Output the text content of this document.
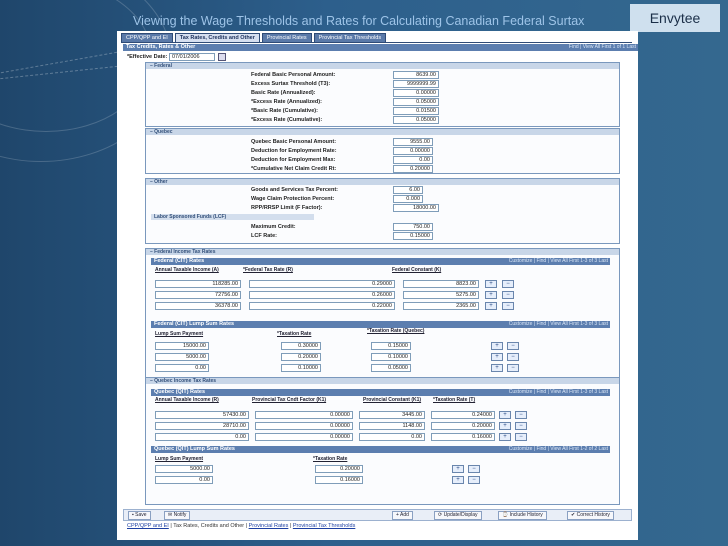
Viewing the Wage Thresholds and Rates for Calculating Canadian Federal Surtax	Envytee
CPP/QPP and EI	Tax Rates, Credits and Other	Provincial Rates	Provincial Tax Thresholds
Tax Credits, Rates & Other	Find | View All First 1 of 1 Last
*Effective Date: 07/01/2006
– Federal
Federal Basic Personal Amount:	8639.00
Excess Surtax Threshold (T3):	9999999.99
Basic Rate (Annualized):	0.00000
*Excess Rate (Annualized):	0.05000
*Basic Rate (Cumulative):	0.01500
*Excess Rate (Cumulative):	0.05000
– Quebec
Quebec Basic Personal Amount:	9555.00
Deduction for Employment Rate:	0.00000
Deduction for Employment Max:	0.00
*Cumulative Net Claim Credit Rt:	0.20000
– Other
Goods and Services Tax Percent:	6.00
Wage Claim Protection Percent:	0.000
RPP/RRSP Limit (F Factor):	18000.00
Labor Sponsored Funds (LCF)
Maximum Credit:	750.00
LCF Rate:	0.15000
– Federal Income Tax Rates
Federal (CIT) Rates	Customize | Find | View All First 1-3 of 3 Last
Annual Taxable Income (A)	*Federal Tax Rate (R)	Federal Constant (K)
118285.00	0.29000	8823.00
72756.00	0.26000	5275.00
36378.00	0.22000	2365.00
+	−
+	−
+	−
Federal (CIT) Lump Sum Rates	Customize | Find | View All First 1-3 of 3 Last
Lump Sum Payment	*Taxation Rate	*Taxation Rate (Quebec)
15000.00	0.30000	0.15000
5000.00	0.20000	0.10000
0.00	0.10000	0.05000
+	−
+	−
+	−
– Quebec Income Tax Rates
Quebec (QIT) Rates	Customize | Find | View All First 1-3 of 3 Last
Annual Taxable Income (R)	Provincial Tax Cndt Factor (K1)	Provincial Constant (K1)	*Taxation Rate (T)
57430.00	0.00000	3445.00	0.24000
28710.00	0.00000	1148.00	0.20000
0.00	0.00000	0.00	0.16000
+	−
+	−
+	−
Quebec (QIT) Lump Sum Rates	Customize | Find | View All First 1-2 of 2 Last
Lump Sum Payment	*Taxation Rate
5000.00	0.20000
0.00	0.16000
+	−
+	−
▪ Save	✉ Notify	+ Add	⟳ Update/Display	⌚ Include History	✔ Correct History
CPP/QPP and EI | Tax Rates, Credits and Other | Provincial Rates | Provincial Tax Thresholds
